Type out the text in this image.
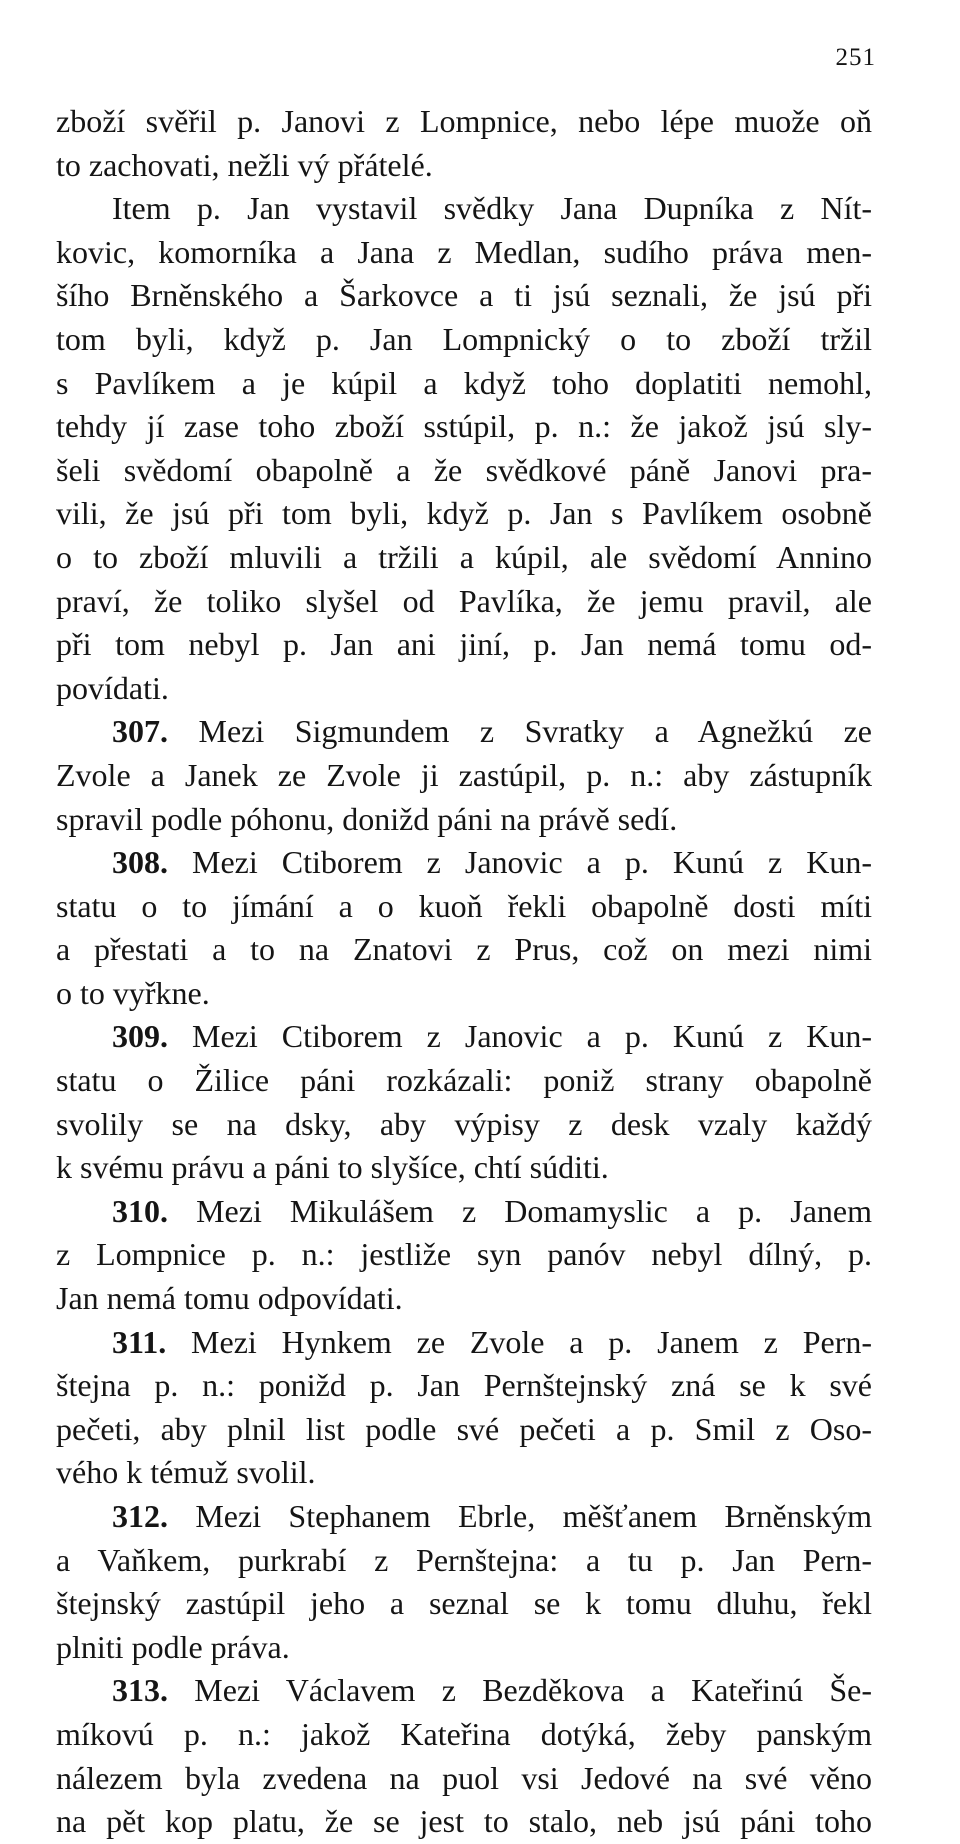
251
zboží svěřil p. Janovi z Lompnice, nebo lépe muože oň
to zachovati, nežli vý přátelé.
Item p. Jan vystavil svědky Jana Dupníka z Nít-
kovic, komorníka a Jana z Medlan, sudího práva men-
šího Brněnského a Šarkovce a ti jsú seznali, že jsú při
tom byli, když p. Jan Lompnický o to zboží tržil
s Pavlíkem a je kúpil a když toho doplatiti nemohl,
tehdy jí zase toho zboží sstúpil, p. n.: že jakož jsú sly-
šeli svědomí obapolně a že svědkové páně Janovi pra-
vili, že jsú při tom byli, když p. Jan s Pavlíkem osobně
o to zboží mluvili a tržili a kúpil, ale svědomí Annino
praví, že toliko slyšel od Pavlíka, že jemu pravil, ale
při tom nebyl p. Jan ani jiní, p. Jan nemá tomu od-
povídati.
307. Mezi Sigmundem z Svratky a Agnežkú ze
Zvole a Janek ze Zvole ji zastúpil, p. n.: aby zástupník
spravil podle póhonu, donižd páni na právě sedí.
308. Mezi Ctiborem z Janovic a p. Kunú z Kun-
statu o to jímání a o kuoň řekli obapolně dosti míti
a přestati a to na Znatovi z Prus, což on mezi nimi
o to vyřkne.
309. Mezi Ctiborem z Janovic a p. Kunú z Kun-
statu o Žilice páni rozkázali: poniž strany obapolně
svolily se na dsky, aby výpisy z desk vzaly každý
k svému právu a páni to slyšíce, chtí súditi.
310. Mezi Mikulášem z Domamyslic a p. Janem
z Lompnice p. n.: jestliže syn panóv nebyl dílný, p.
Jan nemá tomu odpovídati.
311. Mezi Hynkem ze Zvole a p. Janem z Pern-
štejna p. n.: ponižd p. Jan Pernštejnský zná se k své
pečeti, aby plnil list podle své pečeti a p. Smil z Oso-
vého k témuž svolil.
312. Mezi Stephanem Ebrle, měšťanem Brněnským
a Vaňkem, purkrabí z Pernštejna: a tu p. Jan Pern-
štejnský zastúpil jeho a seznal se k tomu dluhu, řekl
plniti podle práva.
313. Mezi Václavem z Bezděkova a Kateřinú Še-
míkovú p. n.: jakož Kateřina dotýká, žeby panským
nálezem byla zvedena na puol vsi Jedové na své věno
na pět kop platu, že se jest to stalo, neb jsú páni toho
